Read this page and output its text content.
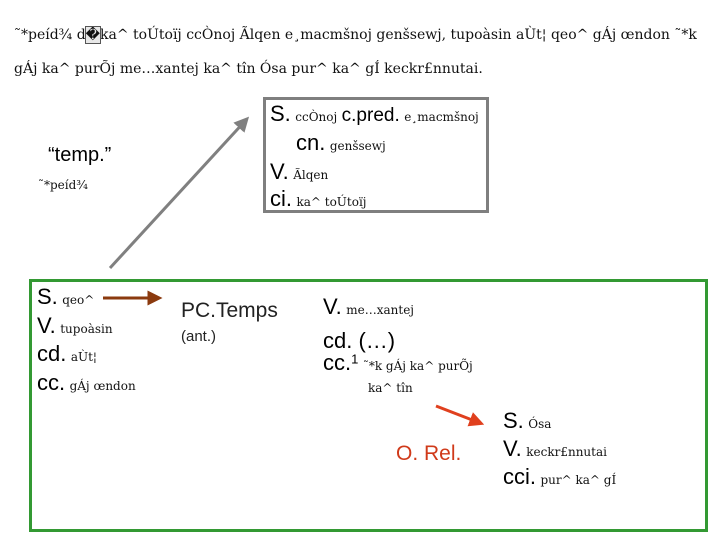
˜*peíd¾ d�ka^ toÚtoïj ccÒnoj Ãlqen e¸macmšnoj genšsewj, tupoàsin aÙt¦ qeo^ gÁj œndon ˜*k gÁj ka^ purÕj me…xantej ka^ tîn Ósa pur^ ka^ gÍ keckr£nnutai.
S. ccÒnoj c.pred. e¸macmšnoj
cn. genšsewj
V. Ãlqen
ci. ka^ toÚtoïj
“temp.”
˜*peíd¾
S. qeo^
V. tupoàsin
cd. aÙt¦
cc. gÁj œndon
PC.Temps
(ant.)
V. me…xantej
cd. (…)
cc.$^1$ ˜*k gÁj ka^ purÕj
ka^ tîn
O. Rel.
S. Ósa
V. keckr£nnutai
cci. pur^ ka^ gÍ
